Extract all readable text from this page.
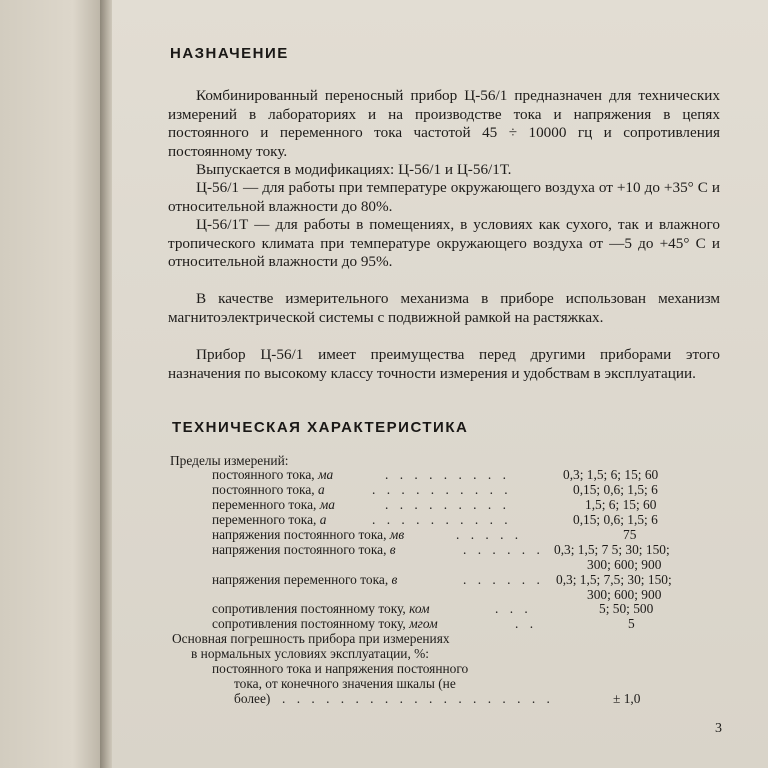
НАЗНАЧЕНИЕ
Комбинированный переносный прибор Ц-56/1 предназначен для технических измерений в лабораториях и на производстве тока и напряжения в цепях постоянного и переменного тока частотой 45 ÷ 10000 гц и сопротивления постоянному току.
Выпускается в модификациях: Ц-56/1 и Ц-56/1Т.
Ц-56/1 — для работы при температуре окружающего воздуха от +10 до +35° С и относительной влажности до 80%.
Ц-56/1Т — для работы в помещениях, в условиях как сухого, так и влажного тропического климата при температуре окружающего воздуха от —5 до +45° С и относительной влажности до 95%.
В качестве измерительного механизма в приборе использован механизм магнитоэлектрической системы с подвижной рамкой на растяжках.
Прибор Ц-56/1 имеет преимущества перед другими приборами этого назначения по высокому классу точности измерения и удобствам в эксплуатации.
ТЕХНИЧЕСКАЯ ХАРАКТЕРИСТИКА
Пределы измерений:
постоянного тока, ма	. . . . . . . . .	0,3; 1,5; 6; 15; 60
постоянного тока, а	. . . . . . . . . .	0,15; 0,6; 1,5; 6
переменного тока, ма	. . . . . . . . .	1,5; 6; 15; 60
переменного тока, а	. . . . . . . . . .	0,15; 0,6; 1,5; 6
напряжения постоянного тока, мв	. . . . .	75
напряжения постоянного тока, в	. . . . . . 0,3; 1,5; 7 5; 30; 150;
300; 600; 900
напряжения переменного тока, в	. . . . . . 0,3; 1,5; 7,5; 30; 150;
300; 600; 900
сопротивления постоянному току, ком	. . .	5; 50; 500
сопротивления постоянному току, мгом	. .	5
Основная погрешность прибора при измерениях
в нормальных условиях эксплуатации, %:
постоянного тока и напряжения постоянного
тока, от конечного значения шкалы (не
более) . . . . . . . . . . . . . . . . . . .	± 1,0
3
